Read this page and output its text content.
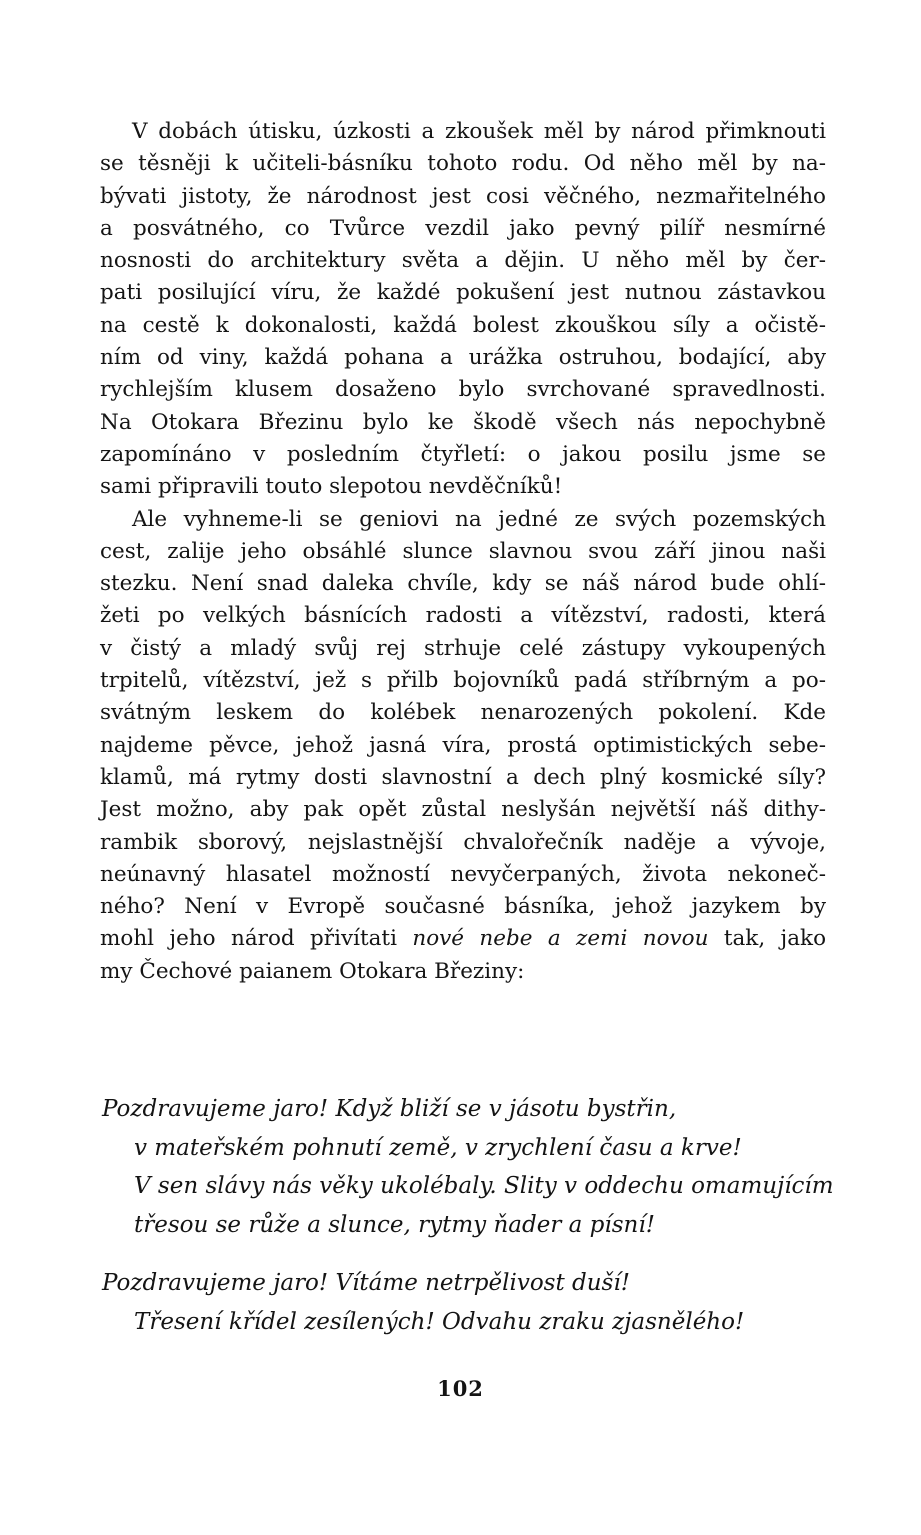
V dobách útisku, úzkosti a zkoušek měl by národ přimknouti
se těsněji k učiteli-básníku tohoto rodu. Od něho měl by na-
bývati jistoty, že národnost jest cosi věčného, nezmařitelného
a posvátného, co Tvůrce vezdil jako pevný pilíř nesmírné
nosnosti do architektury světa a dějin. U něho měl by čer-
pati posilující víru, že každé pokušení jest nutnou zástavkou
na cestě k dokonalosti, každá bolest zkouškou síly a očistě-
ním od viny, každá pohana a urážka ostruhou, bodající, aby
rychlejším klusem dosaženo bylo svrchované spravedlnosti.
Na Otokara Březinu bylo ke škodě všech nás nepochybně
zapomínáno v posledním čtyřletí: o jakou posilu jsme se
sami připravili touto slepotou nevděčníků!
Ale vyhneme-li se geniovi na jedné ze svých pozemských
cest, zalije jeho obsáhlé slunce slavnou svou září jinou naši
stezku. Není snad daleka chvíle, kdy se náš národ bude ohlí-
žeti po velkých básnících radosti a vítězství, radosti, která
v čistý a mladý svůj rej strhuje celé zástupy vykoupených
trpitelů, vítězství, jež s přilb bojovníků padá stříbrným a po-
svátným leskem do kolébek nenarozených pokolení. Kde
najdeme pěvce, jehož jasná víra, prostá optimistických sebe-
klamů, má rytmy dosti slavnostní a dech plný kosmické síly?
Jest možno, aby pak opět zůstal neslyšán největší náš dithy-
rambik sborový, nejslastnější chvalořečník naděje a vývoje,
neúnavný hlasatel možností nevyčerpaných, života nekoneč-
ného? Není v Evropě současné básníka, jehož jazykem by
mohl jeho národ přivítati nové nebe a zemi novou tak, jako
my Čechové paianem Otokara Březiny:
Pozdravujeme jaro! Když bliží se v jásotu bystřin,
v mateřském pohnutí země, v zrychlení času a krve!
V sen slávy nás věky ukolébaly. Slity v oddechu omamujícím
třesou se růže a slunce, rytmy ňader a písní!
Pozdravujeme jaro! Vítáme netrpělivost duší!
Třesení křídel zesílených! Odvahu zraku zjasnělého!
102
